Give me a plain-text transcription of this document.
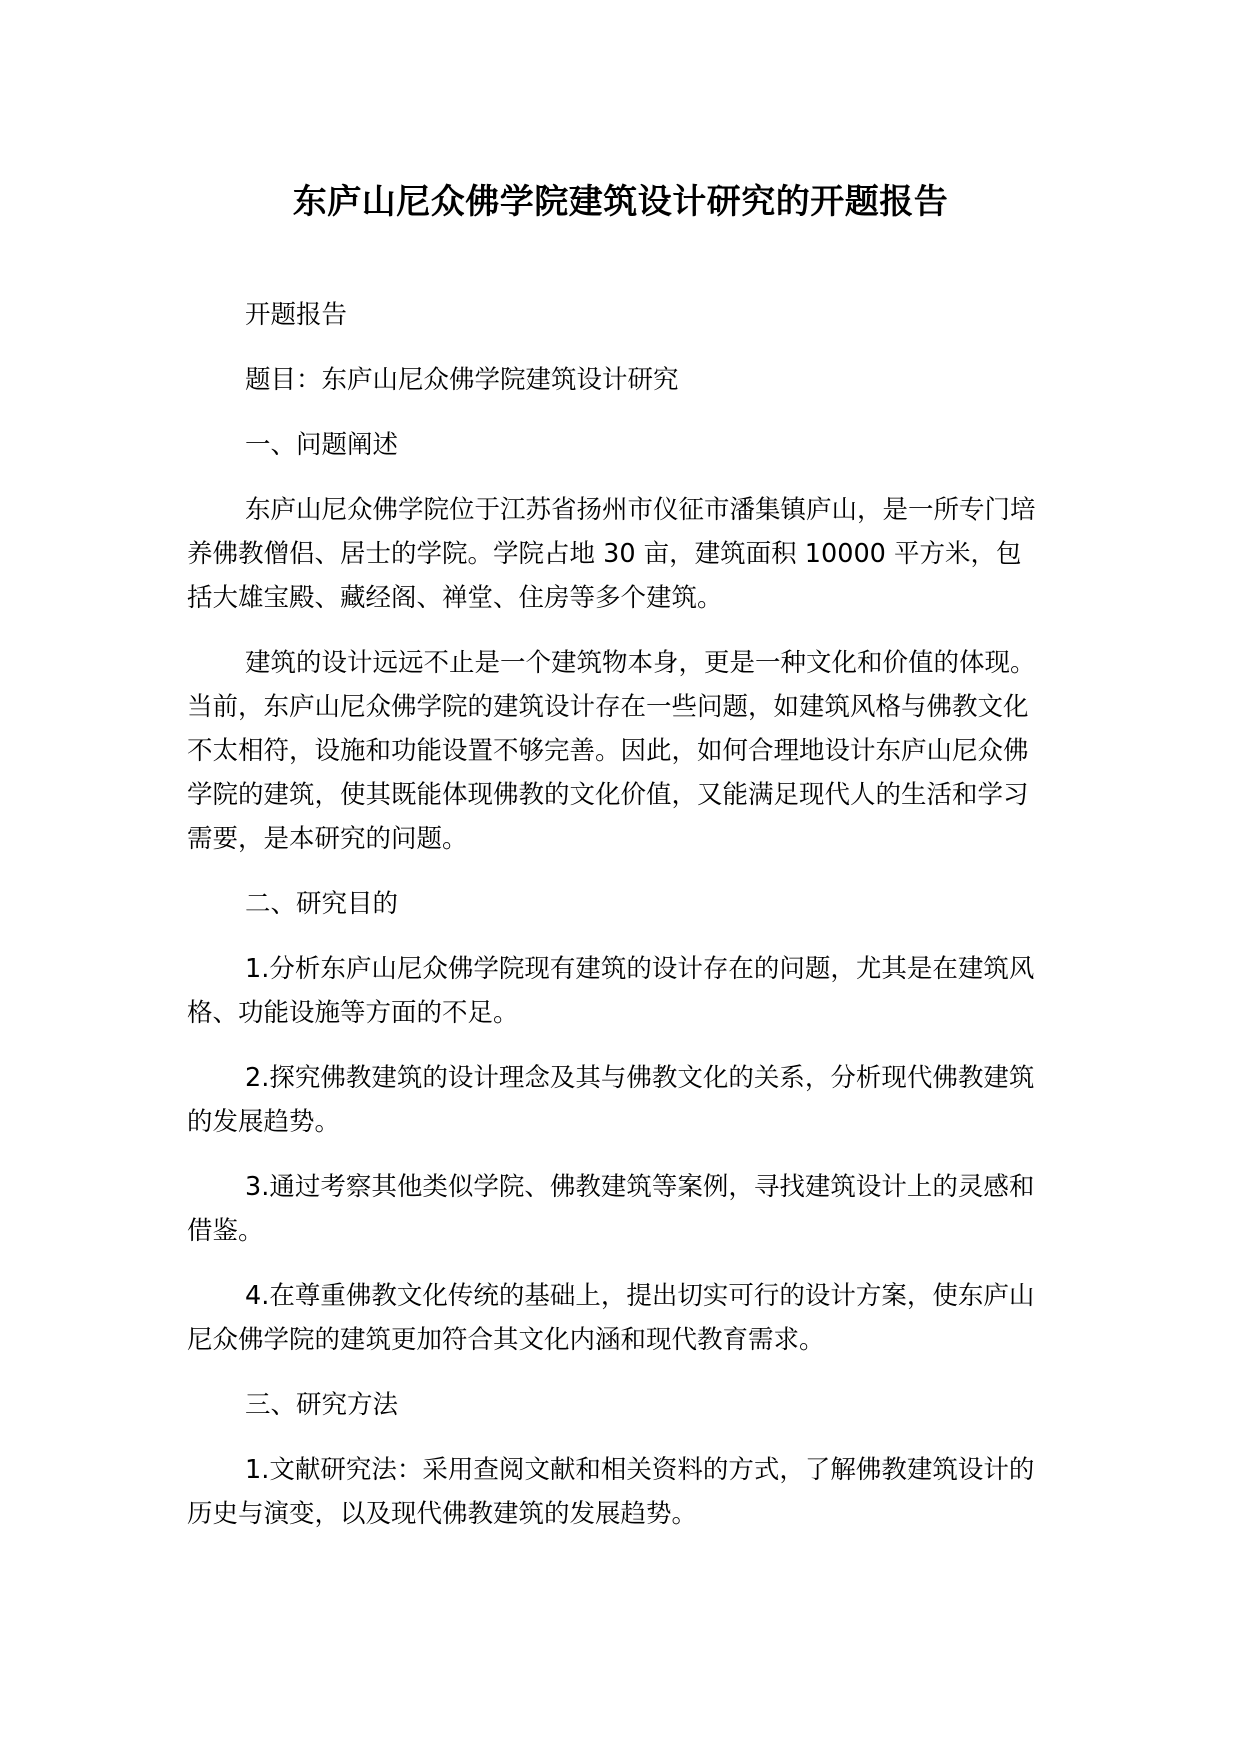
东庐山尼众佛学院建筑设计研究的开题报告

开题报告

题目：东庐山尼众佛学院建筑设计研究

一、问题阐述

东庐山尼众佛学院位于江苏省扬州市仪征市潘集镇庐山，是一所专门培养佛教僧侣、居士的学院。学院占地 30 亩，建筑面积 10000 平方米，包括大雄宝殿、藏经阁、禅堂、住房等多个建筑。

建筑的设计远远不止是一个建筑物本身，更是一种文化和价值的体现。当前，东庐山尼众佛学院的建筑设计存在一些问题，如建筑风格与佛教文化不太相符，设施和功能设置不够完善。因此，如何合理地设计东庐山尼众佛学院的建筑，使其既能体现佛教的文化价值，又能满足现代人的生活和学习需要，是本研究的问题。

二、研究目的

1.分析东庐山尼众佛学院现有建筑的设计存在的问题，尤其是在建筑风格、功能设施等方面的不足。

2.探究佛教建筑的设计理念及其与佛教文化的关系，分析现代佛教建筑的发展趋势。

3.通过考察其他类似学院、佛教建筑等案例，寻找建筑设计上的灵感和借鉴。

4.在尊重佛教文化传统的基础上，提出切实可行的设计方案，使东庐山尼众佛学院的建筑更加符合其文化内涵和现代教育需求。

三、研究方法

1.文献研究法：采用查阅文献和相关资料的方式，了解佛教建筑设计的历史与演变，以及现代佛教建筑的发展趋势。
